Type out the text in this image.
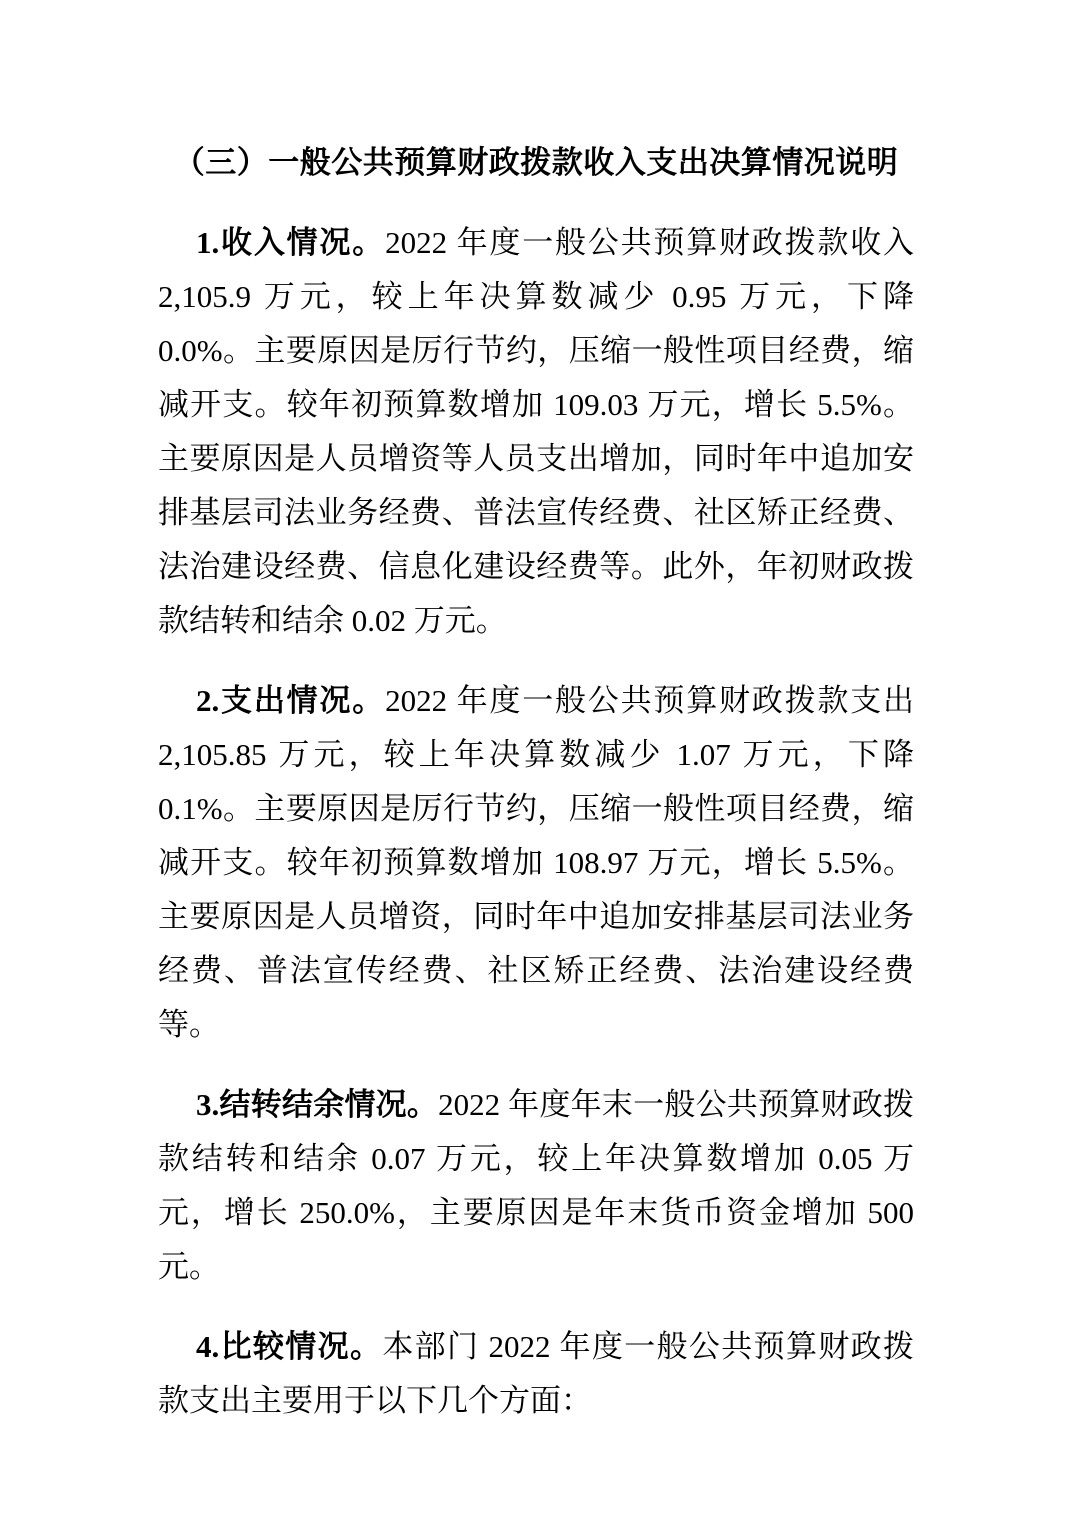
（三）一般公共预算财政拨款收入支出决算情况说明

1.收入情况。2022 年度一般公共预算财政拨款收入 2,105.9 万元，较上年决算数减少 0.95 万元，下降 0.0%。主要原因是厉行节约，压缩一般性项目经费，缩减开支。较年初预算数增加 109.03 万元，增长 5.5%。主要原因是人员增资等人员支出增加，同时年中追加安排基层司法业务经费、普法宣传经费、社区矫正经费、法治建设经费、信息化建设经费等。此外，年初财政拨款结转和结余 0.02 万元。

2.支出情况。2022 年度一般公共预算财政拨款支出 2,105.85 万元，较上年决算数减少 1.07 万元，下降 0.1%。主要原因是厉行节约，压缩一般性项目经费，缩减开支。较年初预算数增加 108.97 万元，增长 5.5%。主要原因是人员增资，同时年中追加安排基层司法业务经费、普法宣传经费、社区矫正经费、法治建设经费等。

3.结转结余情况。2022 年度年末一般公共预算财政拨款结转和结余 0.07 万元，较上年决算数增加 0.05 万元，增长 250.0%，主要原因是年末货币资金增加 500 元。

4.比较情况。本部门 2022 年度一般公共预算财政拨款支出主要用于以下几个方面：
